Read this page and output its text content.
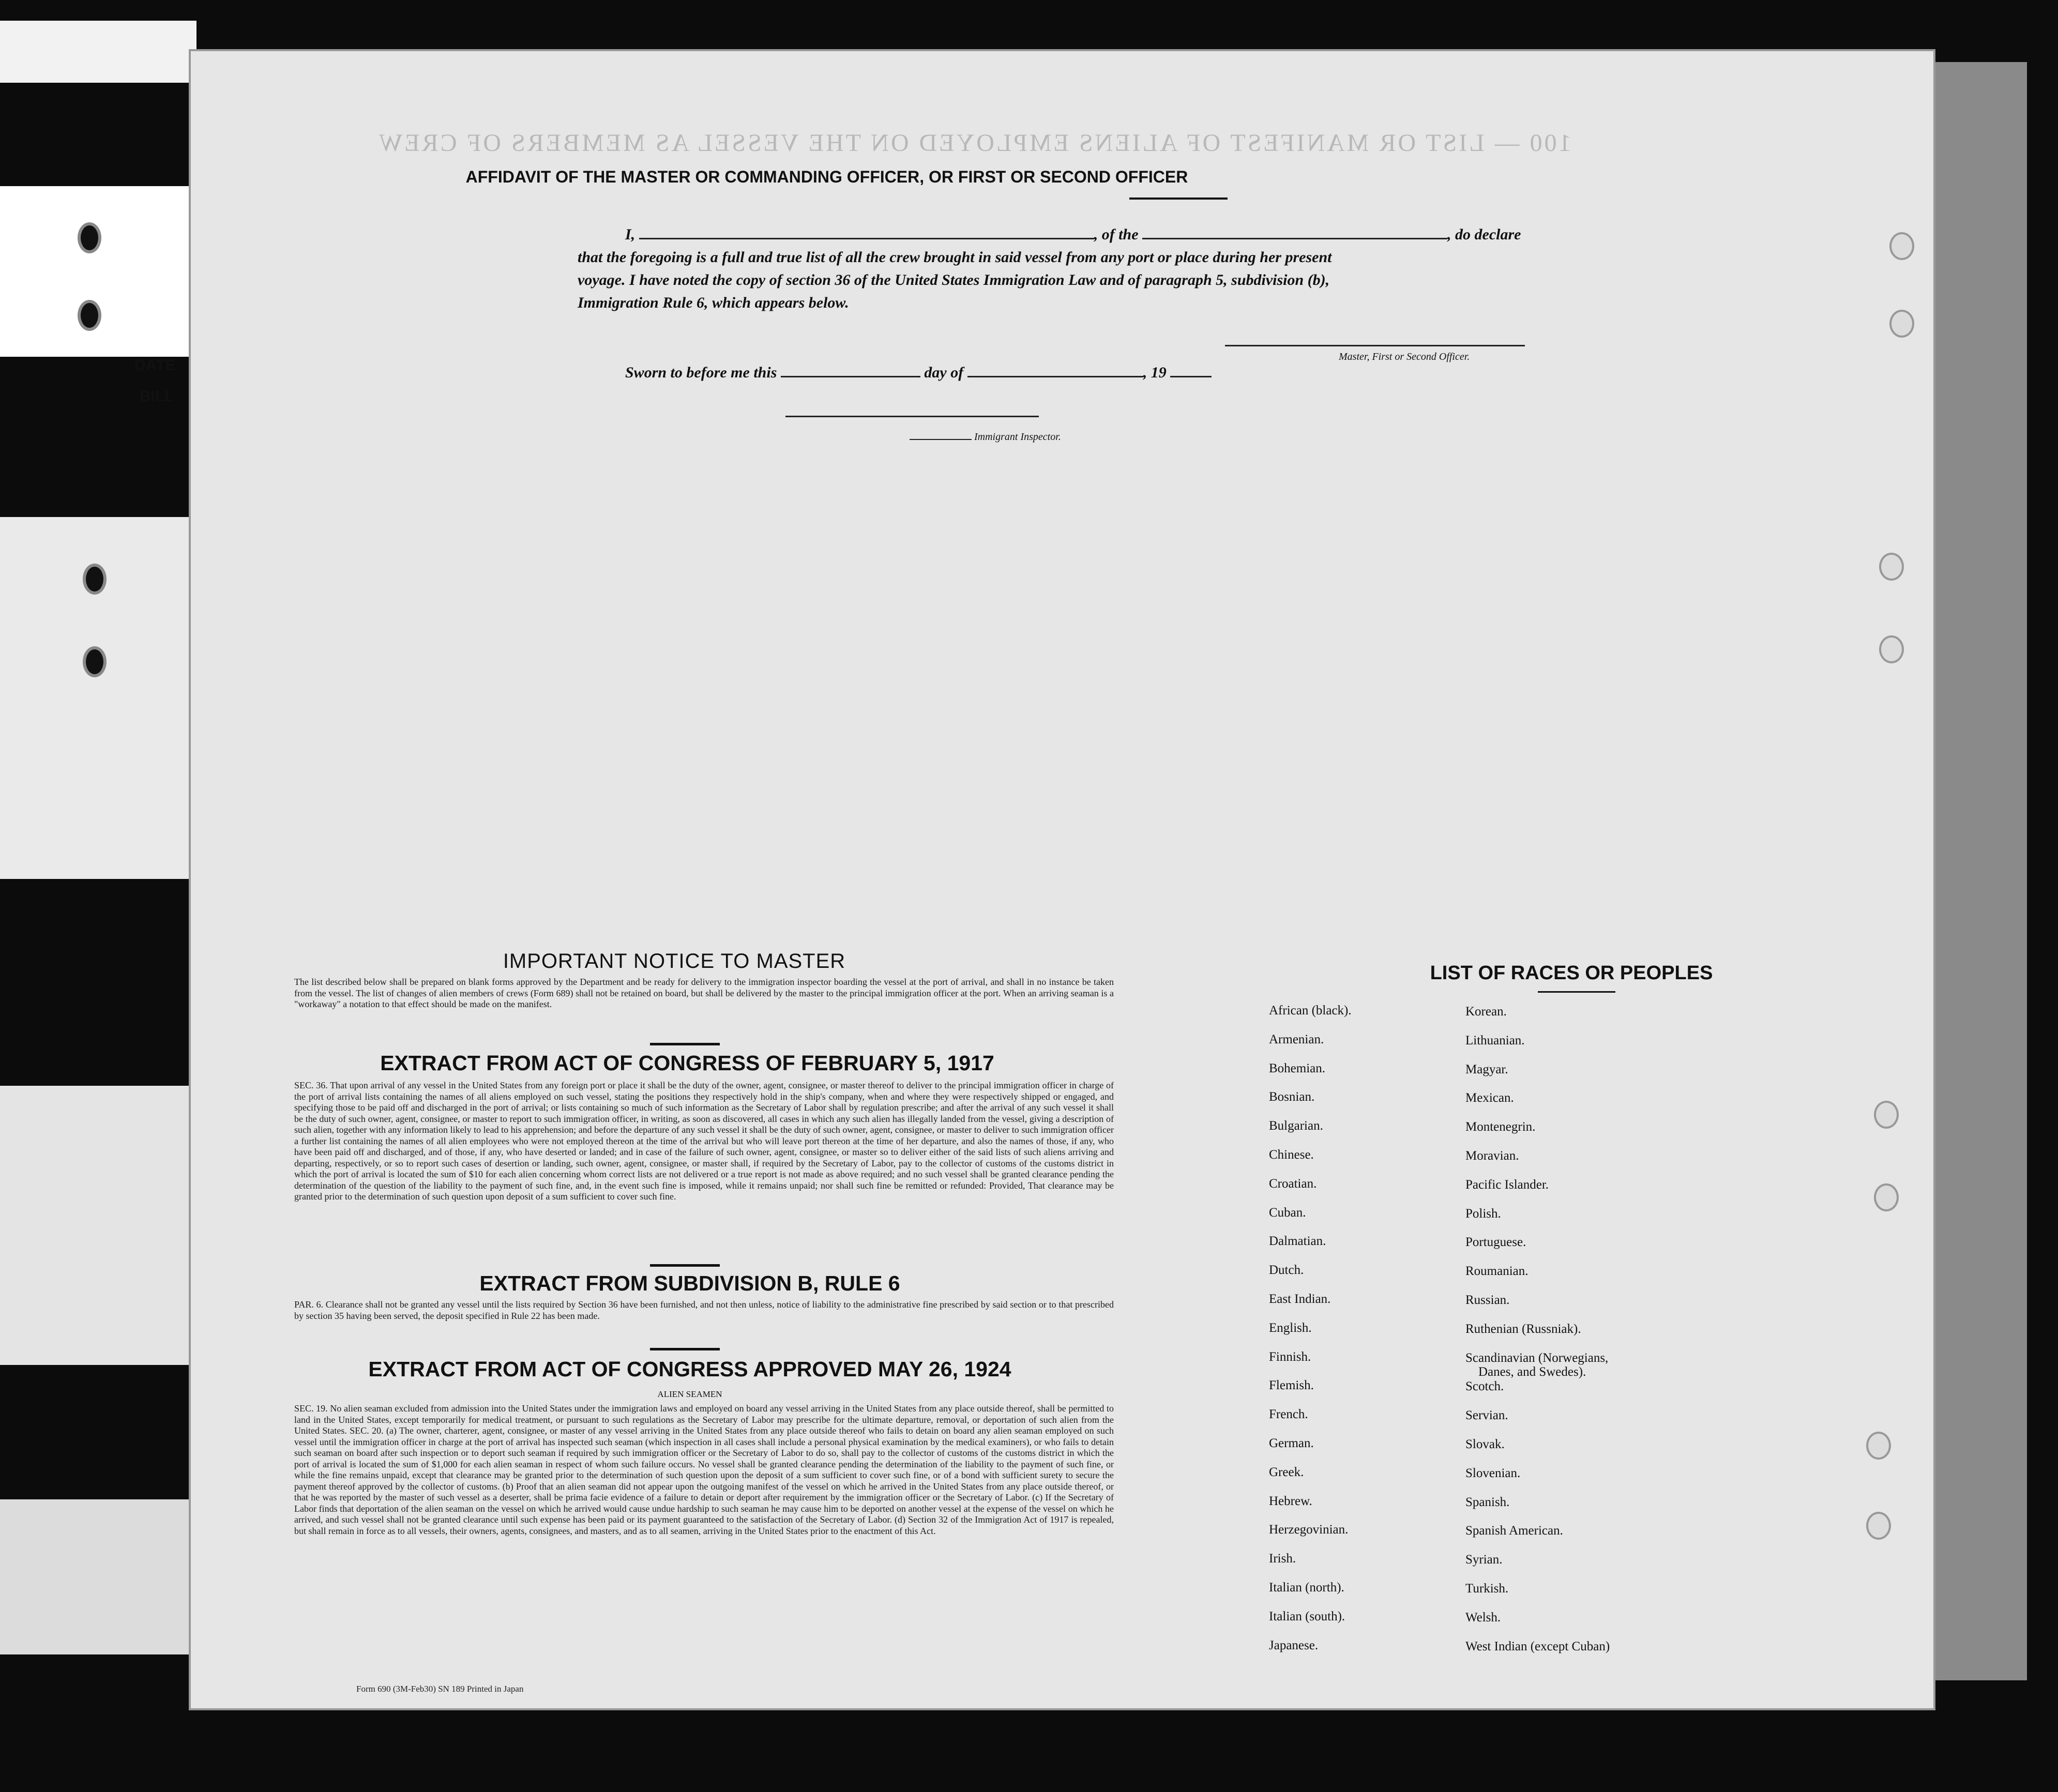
DATE
BILL
100 — LIST OR MANIFEST OF ALIENS EMPLOYED ON THE VESSEL AS MEMBERS OF CREW
AFFIDAVIT OF THE MASTER OR COMMANDING OFFICER, OR FIRST OR SECOND OFFICER
I,	, of the	, do declare
that the foregoing is a full and true list of all the crew brought in said vessel from any port or place during her present
voyage. I have noted the copy of section 36 of the United States Immigration Law and of paragraph 5, subdivision (b),
Immigration Rule 6, which appears below.
Master, First or Second Officer.
Sworn to before me this	day of	, 19
Immigrant Inspector.
IMPORTANT NOTICE TO MASTER
The list described below shall be prepared on blank forms approved by the Department and be ready for delivery to the immigration inspector boarding the vessel at the port of arrival, and shall in no instance be taken from the vessel. The list of changes of alien members of crews (Form 689) shall not be retained on board, but shall be delivered by the master to the principal immigration officer at the port. When an arriving seaman is a "workaway" a notation to that effect should be made on the manifest.
EXTRACT FROM ACT OF CONGRESS OF FEBRUARY 5, 1917
SEC. 36. That upon arrival of any vessel in the United States from any foreign port or place it shall be the duty of the owner, agent, consignee, or master thereof to deliver to the principal immigration officer in charge of the port of arrival lists containing the names of all aliens employed on such vessel, stating the positions they respectively hold in the ship's company, when and where they were respectively shipped or engaged, and specifying those to be paid off and discharged in the port of arrival; or lists containing so much of such information as the Secretary of Labor shall by regulation prescribe; and after the arrival of any such vessel it shall be the duty of such owner, agent, consignee, or master to report to such immigration officer, in writing, as soon as discovered, all cases in which any such alien has illegally landed from the vessel, giving a description of such alien, together with any information likely to lead to his apprehension; and before the departure of any such vessel it shall be the duty of such owner, agent, consignee, or master to deliver to such immigration officer a further list containing the names of all alien employees who were not employed thereon at the time of the arrival but who will leave port thereon at the time of her departure, and also the names of those, if any, who have been paid off and discharged, and of those, if any, who have deserted or landed; and in case of the failure of such owner, agent, consignee, or master so to deliver either of the said lists of such aliens arriving and departing, respectively, or so to report such cases of desertion or landing, such owner, agent, consignee, or master shall, if required by the Secretary of Labor, pay to the collector of customs of the customs district in which the port of arrival is located the sum of $10 for each alien concerning whom correct lists are not delivered or a true report is not made as above required; and no such vessel shall be granted clearance pending the determination of the question of the liability to the payment of such fine, and, in the event such fine is imposed, while it remains unpaid; nor shall such fine be remitted or refunded: Provided, That clearance may be granted prior to the determination of such question upon deposit of a sum sufficient to cover such fine.
EXTRACT FROM SUBDIVISION B, RULE 6
PAR. 6. Clearance shall not be granted any vessel until the lists required by Section 36 have been furnished, and not then unless, notice of liability to the administrative fine prescribed by said section or to that prescribed by section 35 having been served, the deposit specified in Rule 22 has been made.
EXTRACT FROM ACT OF CONGRESS APPROVED MAY 26, 1924
ALIEN SEAMEN
SEC. 19. No alien seaman excluded from admission into the United States under the immigration laws and employed on board any vessel arriving in the United States from any place outside thereof, shall be permitted to land in the United States, except temporarily for medical treatment, or pursuant to such regulations as the Secretary of Labor may prescribe for the ultimate departure, removal, or deportation of such alien from the United States. SEC. 20. (a) The owner, charterer, agent, consignee, or master of any vessel arriving in the United States from any place outside thereof who fails to detain on board any alien seaman employed on such vessel until the immigration officer in charge at the port of arrival has inspected such seaman (which inspection in all cases shall include a personal physical examination by the medical examiners), or who fails to detain such seaman on board after such inspection or to deport such seaman if required by such immigration officer or the Secretary of Labor to do so, shall pay to the collector of customs of the customs district in which the port of arrival is located the sum of $1,000 for each alien seaman in respect of whom such failure occurs. No vessel shall be granted clearance pending the determination of the liability to the payment of such fine, or while the fine remains unpaid, except that clearance may be granted prior to the determination of such question upon the deposit of a sum sufficient to cover such fine, or of a bond with sufficient surety to secure the payment thereof approved by the collector of customs. (b) Proof that an alien seaman did not appear upon the outgoing manifest of the vessel on which he arrived in the United States from any place outside thereof, or that he was reported by the master of such vessel as a deserter, shall be prima facie evidence of a failure to detain or deport after requirement by the immigration officer or the Secretary of Labor. (c) If the Secretary of Labor finds that deportation of the alien seaman on the vessel on which he arrived would cause undue hardship to such seaman he may cause him to be deported on another vessel at the expense of the vessel on which he arrived, and such vessel shall not be granted clearance until such expense has been paid or its payment guaranteed to the satisfaction of the Secretary of Labor. (d) Section 32 of the Immigration Act of 1917 is repealed, but shall remain in force as to all vessels, their owners, agents, consignees, and masters, and as to all seamen, arriving in the United States prior to the enactment of this Act.
Form 690 (3M-Feb30) SN 189 Printed in Japan
LIST OF RACES OR PEOPLES
African (black).
Armenian.
Bohemian.
Bosnian.
Bulgarian.
Chinese.
Croatian.
Cuban.
Dalmatian.
Dutch.
East Indian.
English.
Finnish.
Flemish.
French.
German.
Greek.
Hebrew.
Herzegovinian.
Irish.
Italian (north).
Italian (south).
Japanese.
Korean.
Lithuanian.
Magyar.
Mexican.
Montenegrin.
Moravian.
Pacific Islander.
Polish.
Portuguese.
Roumanian.
Russian.
Ruthenian (Russniak).
Scandinavian (Norwegians,
Danes, and Swedes).
Scotch.
Servian.
Slovak.
Slovenian.
Spanish.
Spanish American.
Syrian.
Turkish.
Welsh.
West Indian (except Cuban)
